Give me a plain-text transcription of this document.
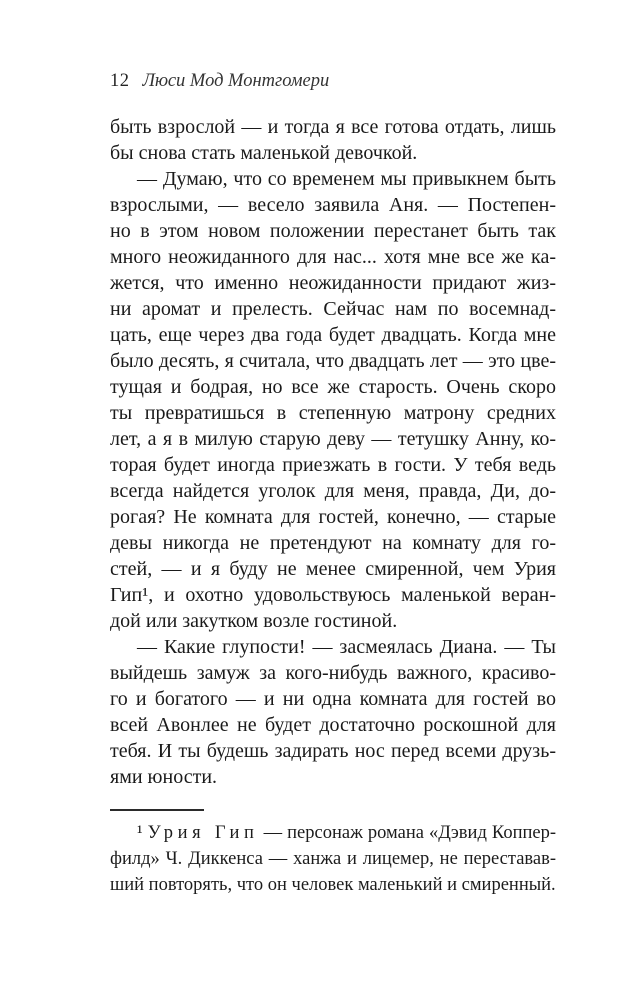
12 Люси Мод Монтгомери
быть взрослой — и тогда я все готова отдать, лишь
бы снова стать маленькой девочкой.
— Думаю, что со временем мы привыкнем быть
взрослыми, — весело заявила Аня. — Постепен-
но в этом новом положении перестанет быть так
много неожиданного для нас... хотя мне все же ка-
жется, что именно неожиданности придают жиз-
ни аромат и прелесть. Сейчас нам по восемнад-
цать, еще через два года будет двадцать. Когда мне
было десять, я считала, что двадцать лет — это цве-
тущая и бодрая, но все же старость. Очень скоро
ты превратишься в степенную матрону средних
лет, а я в милую старую деву — тетушку Анну, ко-
торая будет иногда приезжать в гости. У тебя ведь
всегда найдется уголок для меня, правда, Ди, до-
рогая? Не комната для гостей, конечно, — старые
девы никогда не претендуют на комнату для го-
стей, — и я буду не менее смиренной, чем Урия
Гип¹, и охотно удовольствуюсь маленькой веран-
дой или закутком возле гостиной.
— Какие глупости! — засмеялась Диана. — Ты
выйдешь замуж за кого-нибудь важного, красиво-
го и богатого — и ни одна комната для гостей во
всей Авонлее не будет достаточно роскошной для
тебя. И ты будешь задирать нос перед всеми друзь-
ями юности.
¹ Урия Гип — персонаж романа «Дэвид Коппер-
филд» Ч. Диккенса — ханжа и лицемер, не переставав-
ший повторять, что он человек маленький и смиренный.
